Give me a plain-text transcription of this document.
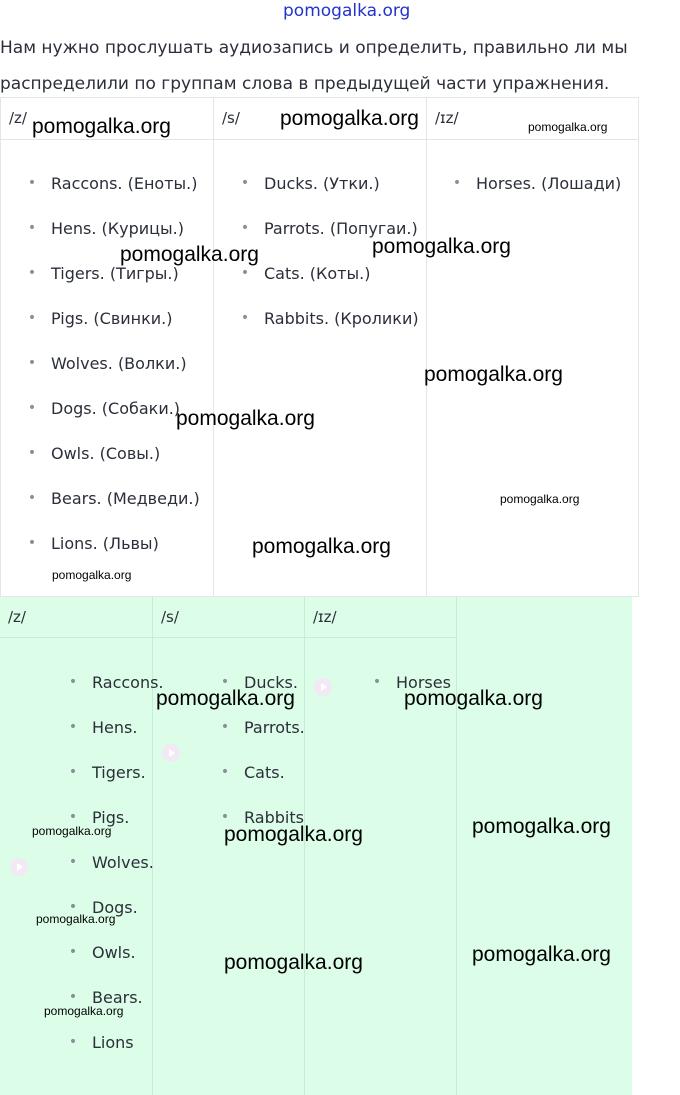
pomogalka.org
Нам нужно прослушать аудиозапись и определить, правильно ли мы распределили по группам слова в предыдущей части упражнения.
/z/
• Raccons. (Еноты.)
• Hens. (Курицы.)
• Tigers. (Тигры.)
• Pigs. (Свинки.)
• Wolves. (Волки.)
• Dogs. (Собаки.)
• Owls. (Совы.)
• Bears. (Медведи.)
• Lions. (Львы)
/s/
• Ducks. (Утки.)
• Parrots. (Попугаи.)
• Cats. (Коты.)
• Rabbits. (Кролики)
/ɪz/
• Horses. (Лошади)
/z/
• Raccons.
• Hens.
• Tigers.
• Pigs.
• Wolves.
• Dogs.
• Owls.
• Bears.
• Lions
/s/
• Ducks.
• Parrots.
• Cats.
• Rabbits
/ɪz/
• Horses
pomogalka.org	pomogalka.org	pomogalka.org
pomogalka.org	pomogalka.org
pomogalka.org
pomogalka.org
pomogalka.org
pomogalka.org
pomogalka.org
pomogalka.org	pomogalka.org
pomogalka.org	pomogalka.org	pomogalka.org
pomogalka.org
pomogalka.org
pomogalka.org
pomogalka.org
